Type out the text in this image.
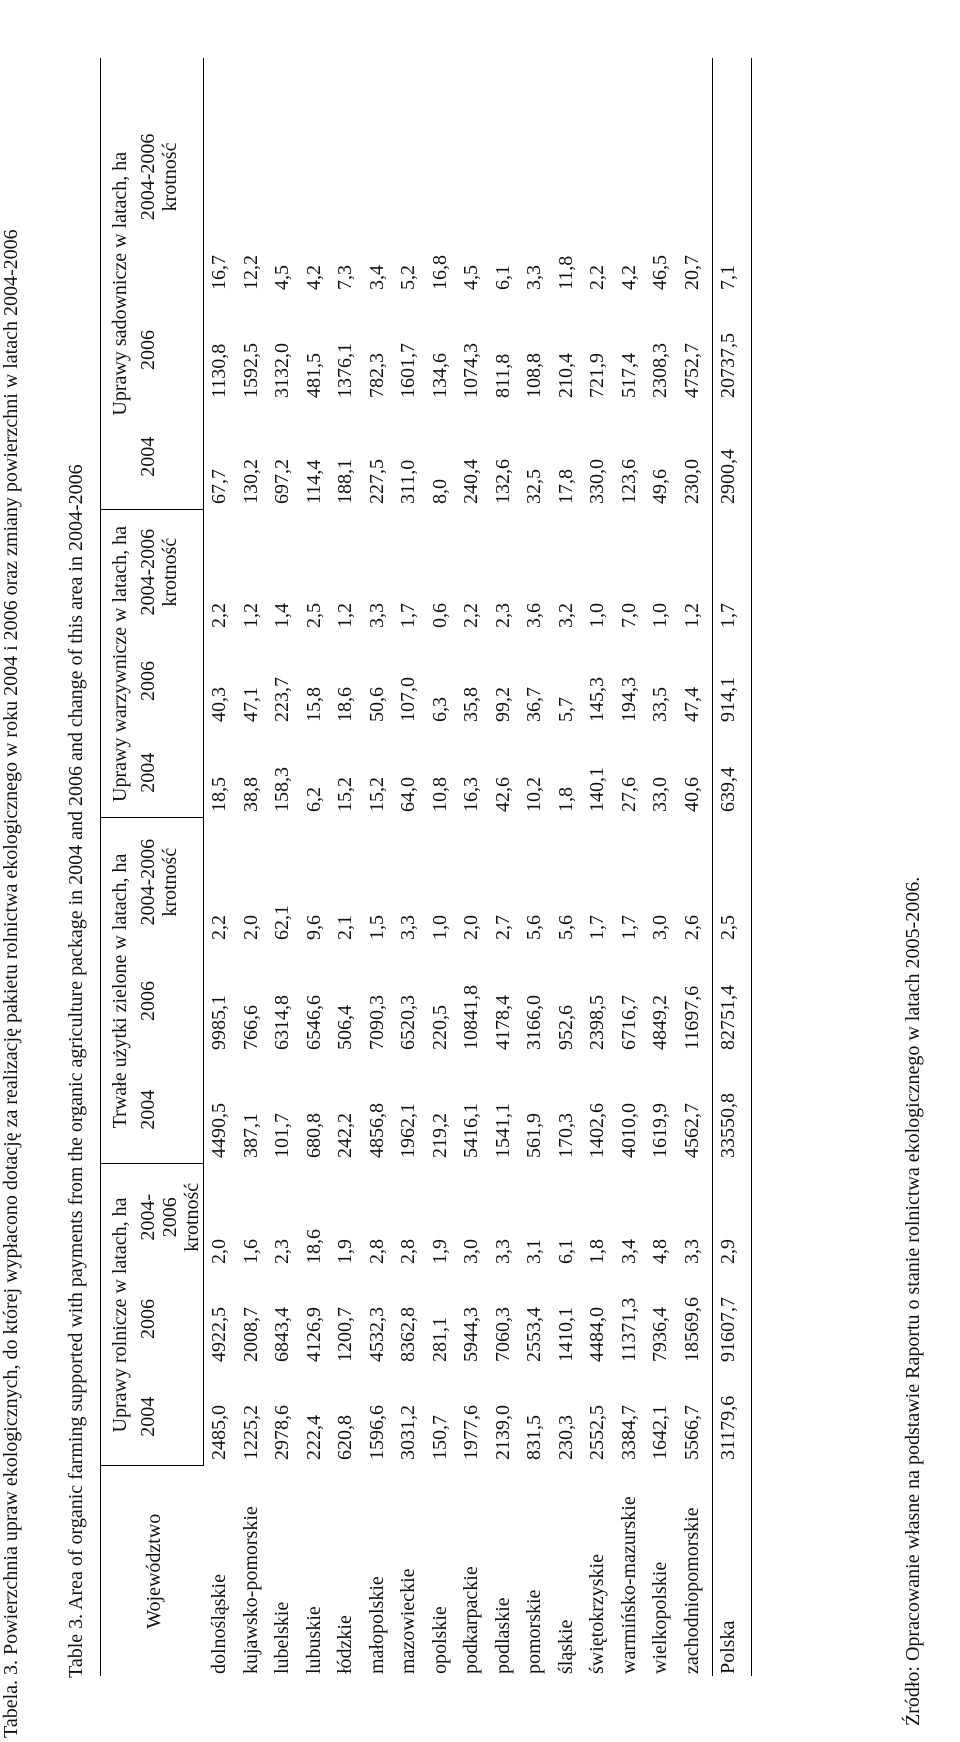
Tabela. 3. Powierzchnia upraw ekologicznych, do której wypłacono dotację za realizację pakietu rolnictwa ekologicznego w roku 2004 i 2006 oraz zmiany powierzchni w latach 2004-2006 Table 3. Area of organic farming supported with payments from the organic agriculture package in 2004 and 2006 and change of this area in 2004-2006	Województwo	Uprawy rolnicze w latach, ha			Trwałe użytki zielone w latach, ha			Uprawy warzywnicze w latach, ha			Uprawy sadownicze w latach, ha		
	2004	2006	2004-
2006
krotność	2004	2006	2004-2006
krotność	2004	2006	2004-2006
krotność	2004	2006	2004-2006
krotność
dolnośląskie	2485,0	4922,5	2,0	4490,5	9985,1	2,2	18,5	40,3	2,2	67,7	1130,8	16,7
kujawsko-pomorskie	1225,2	2008,7	1,6	387,1	766,6	2,0	38,8	47,1	1,2	130,2	1592,5	12,2
lubelskie	2978,6	6843,4	2,3	101,7	6314,8	62,1	158,3	223,7	1,4	697,2	3132,0	4,5
lubuskie	222,4	4126,9	18,6	680,8	6546,6	9,6	6,2	15,8	2,5	114,4	481,5	4,2
łódzkie	620,8	1200,7	1,9	242,2	506,4	2,1	15,2	18,6	1,2	188,1	1376,1	7,3
małopolskie	1596,6	4532,3	2,8	4856,8	7090,3	1,5	15,2	50,6	3,3	227,5	782,3	3,4
mazowieckie	3031,2	8362,8	2,8	1962,1	6520,3	3,3	64,0	107,0	1,7	311,0	1601,7	5,2
opolskie	150,7	281,1	1,9	219,2	220,5	1,0	10,8	6,3	0,6	8,0	134,6	16,8
podkarpackie	1977,6	5944,3	3,0	5416,1	10841,8	2,0	16,3	35,8	2,2	240,4	1074,3	4,5
podlaskie	2139,0	7060,3	3,3	1541,1	4178,4	2,7	42,6	99,2	2,3	132,6	811,8	6,1
pomorskie	831,5	2553,4	3,1	561,9	3166,0	5,6	10,2	36,7	3,6	32,5	108,8	3,3
śląskie	230,3	1410,1	6,1	170,3	952,6	5,6	1,8	5,7	3,2	17,8	210,4	11,8
świętokrzyskie	2552,5	4484,0	1,8	1402,6	2398,5	1,7	140,1	145,3	1,0	330,0	721,9	2,2
warmińsko-mazurskie	3384,7	11371,3	3,4	4010,0	6716,7	1,7	27,6	194,3	7,0	123,6	517,4	4,2
wielkopolskie	1642,1	7936,4	4,8	1619,9	4849,2	3,0	33,0	33,5	1,0	49,6	2308,3	46,5
zachodniopomorskie	5566,7	18569,6	3,3	4562,7	11697,6	2,6	40,6	47,4	1,2	230,0	4752,7	20,7
Polska	31179,6	91607,7	2,9	33550,8	82751,4	2,5	639,4	914,1	1,7	2900,4	20737,5	7,1

Źródło: Opracowanie własne na podstawie Raportu o stanie rolnictwa ekologicznego w latach 2005-2006.
